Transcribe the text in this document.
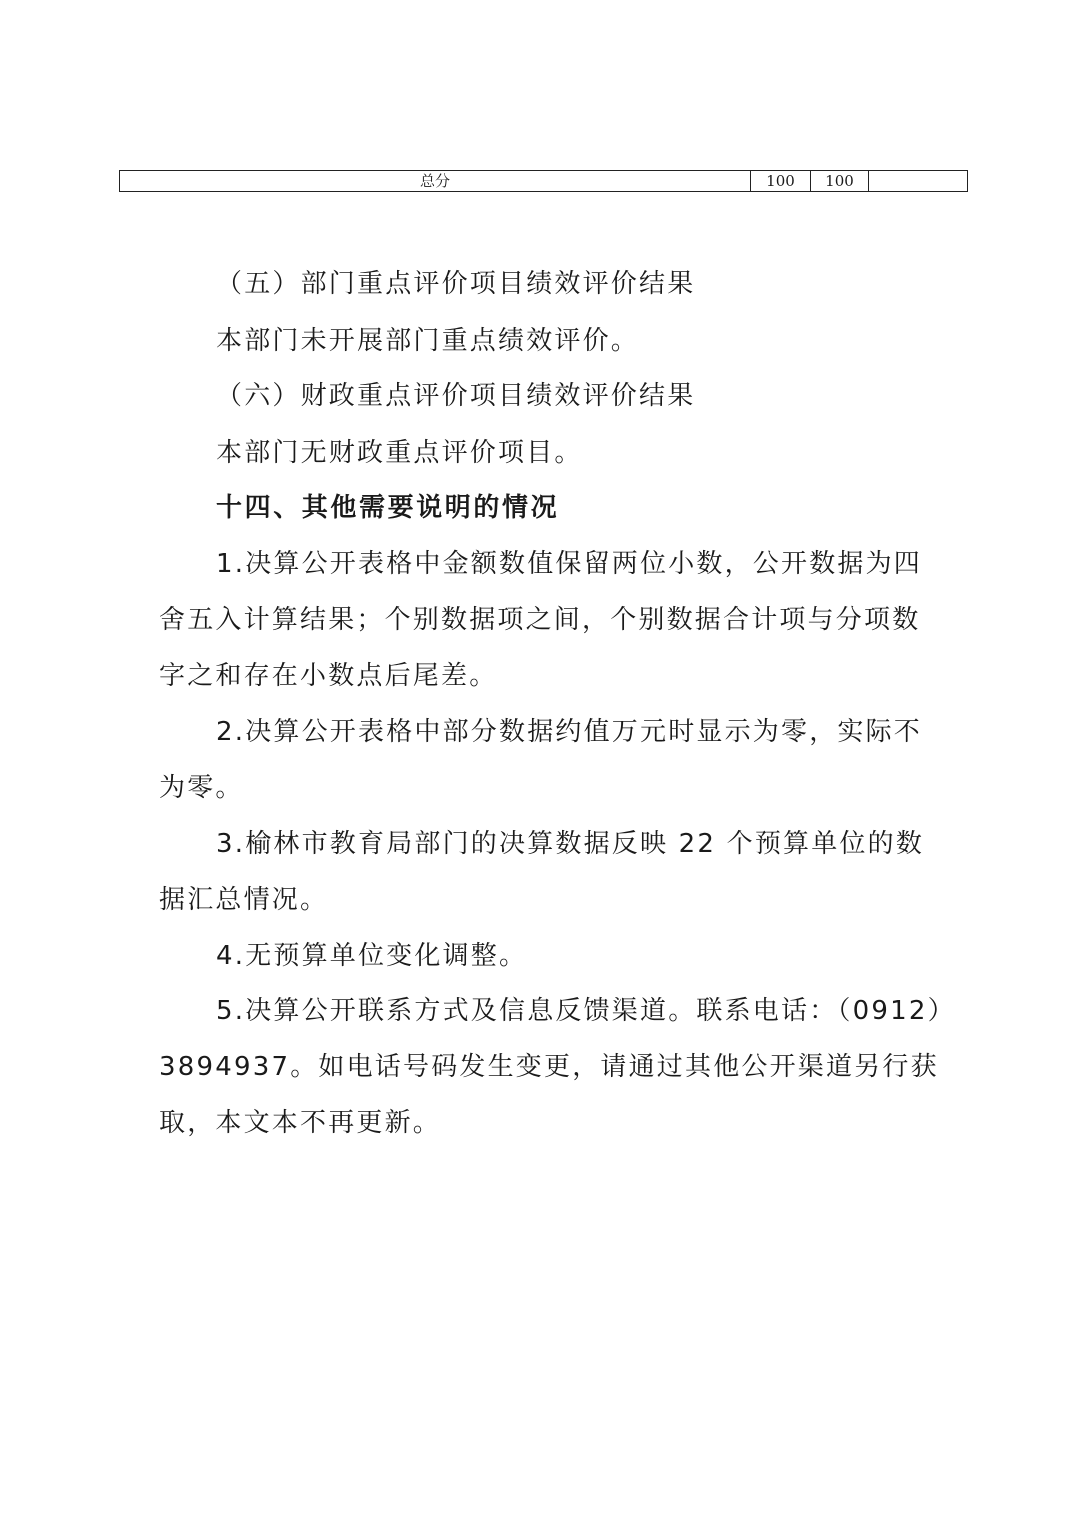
总分	100	100	
（五）部门重点评价项目绩效评价结果
本部门未开展部门重点绩效评价。
（六）财政重点评价项目绩效评价结果
本部门无财政重点评价项目。
十四、其他需要说明的情况
1.决算公开表格中金额数值保留两位小数，公开数据为四
舍五入计算结果；个别数据项之间，个别数据合计项与分项数
字之和存在小数点后尾差。
2.决算公开表格中部分数据约值万元时显示为零，实际不
为零。
3.榆林市教育局部门的决算数据反映 22 个预算单位的数
据汇总情况。
4.无预算单位变化调整。
5.决算公开联系方式及信息反馈渠道。联系电话：（0912）
3894937。如电话号码发生变更，请通过其他公开渠道另行获
取，本文本不再更新。
